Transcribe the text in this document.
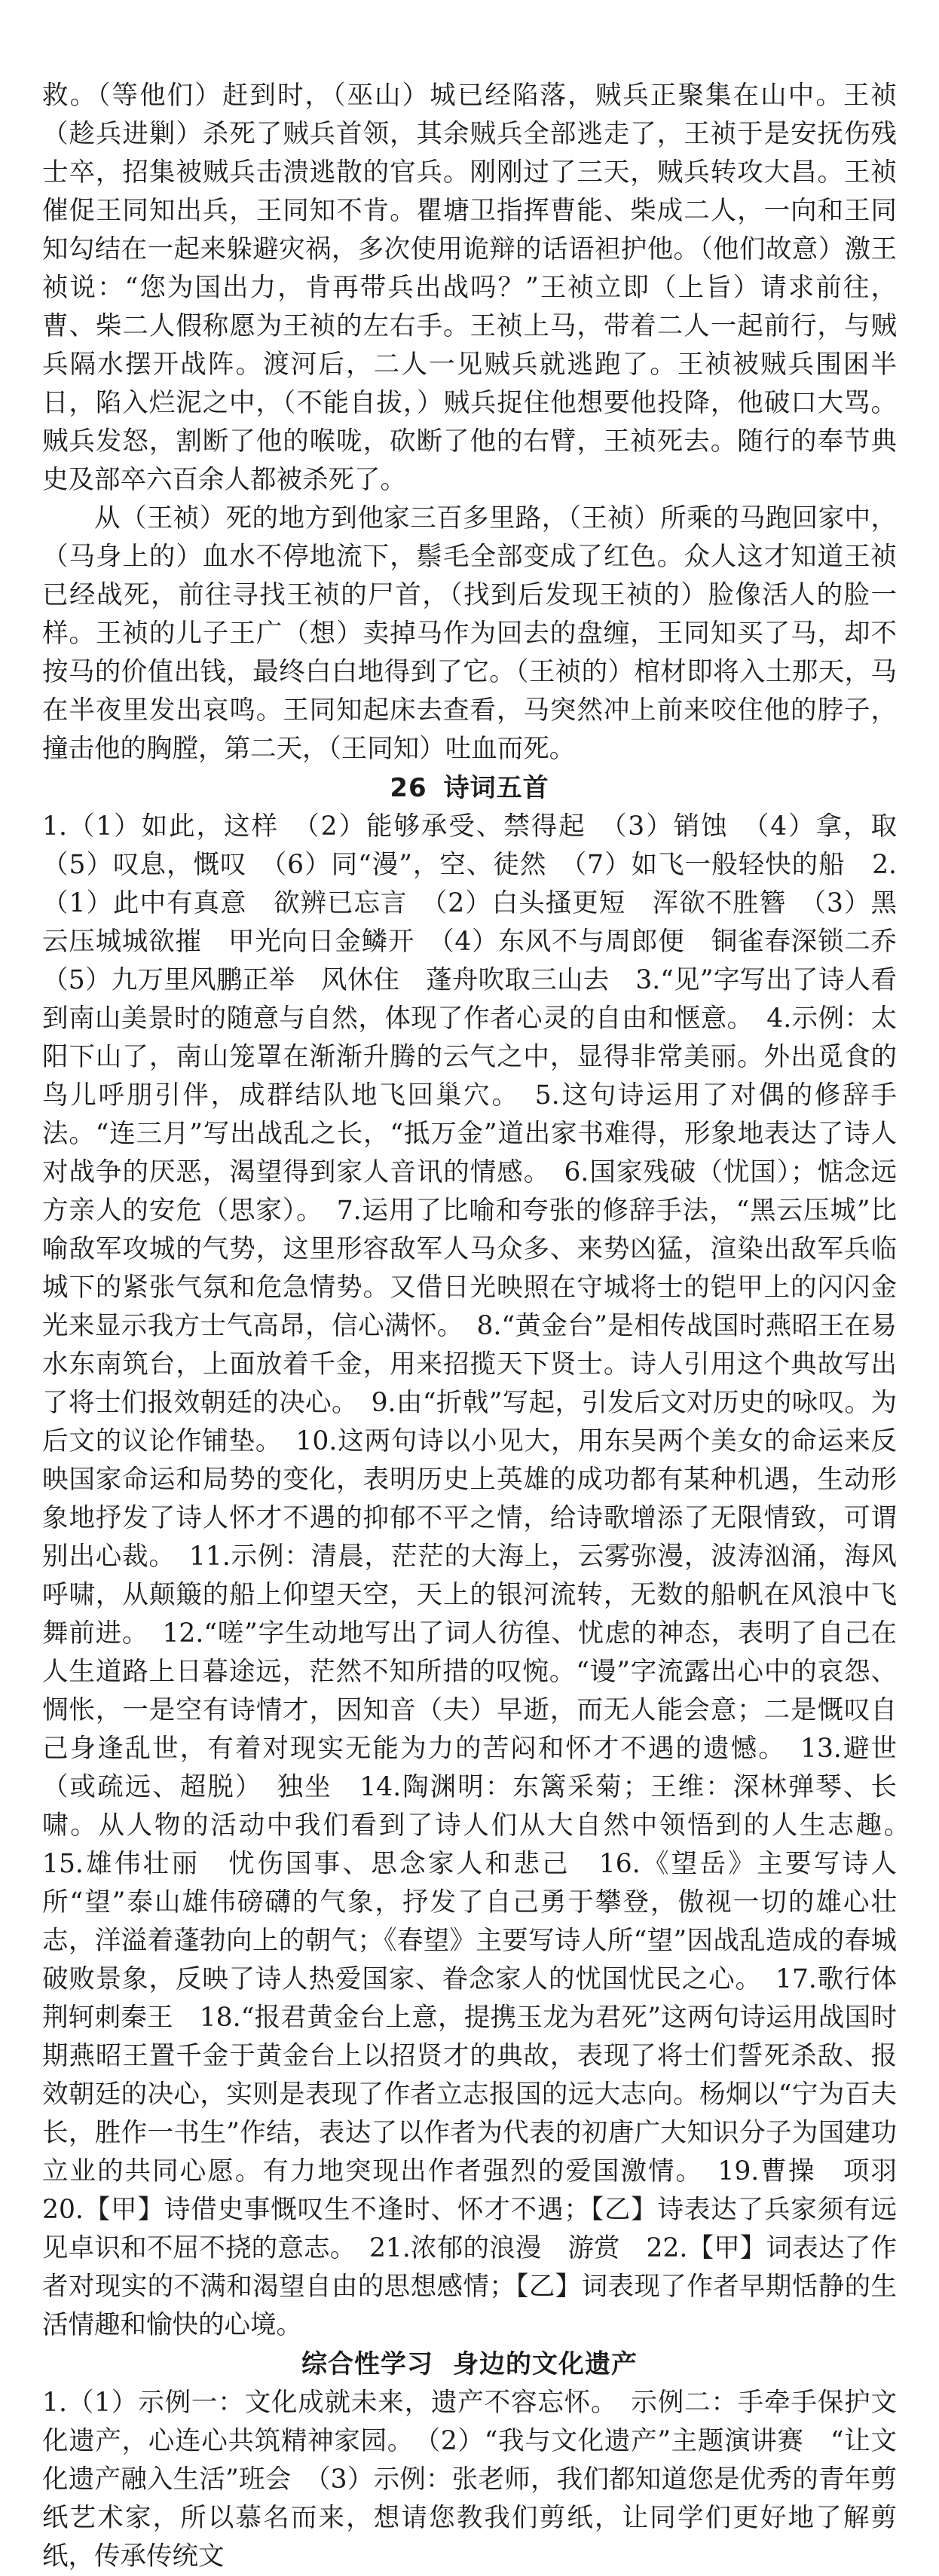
救。（等他们）赶到时，（巫山）城已经陷落，贼兵正聚集在山中。王祯（趁兵进剿）杀死了贼兵首领，其余贼兵全部逃走了，王祯于是安抚伤残士卒，招集被贼兵击溃逃散的官兵。刚刚过了三天，贼兵转攻大昌。王祯催促王同知出兵，王同知不肯。瞿塘卫指挥曹能、柴成二人，一向和王同知勾结在一起来躲避灾祸，多次使用诡辩的话语袒护他。（他们故意）激王祯说：“您为国出力，肯再带兵出战吗？”王祯立即（上旨）请求前往，曹、柴二人假称愿为王祯的左右手。王祯上马，带着二人一起前行，与贼兵隔水摆开战阵。渡河后，二人一见贼兵就逃跑了。王祯被贼兵围困半日，陷入烂泥之中，（不能自拔，）贼兵捉住他想要他投降，他破口大骂。贼兵发怒，割断了他的喉咙，砍断了他的右臂，王祯死去。随行的奉节典史及部卒六百余人都被杀死了。

从（王祯）死的地方到他家三百多里路，（王祯）所乘的马跑回家中，（马身上的）血水不停地流下，鬃毛全部变成了红色。众人这才知道王祯已经战死，前往寻找王祯的尸首，（找到后发现王祯的）脸像活人的脸一样。王祯的儿子王广（想）卖掉马作为回去的盘缠，王同知买了马，却不按马的价值出钱，最终白白地得到了它。（王祯的）棺材即将入土那天，马在半夜里发出哀鸣。王同知起床去查看，马突然冲上前来咬住他的脖子，撞击他的胸膛，第二天，（王同知）吐血而死。

26 诗词五首

1.（1）如此，这样　（2）能够承受、禁得起　（3）销蚀　（4）拿，取　（5）叹息，慨叹　（6）同“漫”，空、徒然　（7）如飞一般轻快的船　2.（1）此中有真意　欲辨已忘言　（2）白头搔更短　浑欲不胜簪　（3）黑云压城城欲摧　甲光向日金鳞开　（4）东风不与周郎便　铜雀春深锁二乔　（5）九万里风鹏正举　风休住　蓬舟吹取三山去　3.“见”字写出了诗人看到南山美景时的随意与自然，体现了作者心灵的自由和惬意。　4.示例：太阳下山了，南山笼罩在渐渐升腾的云气之中，显得非常美丽。外出觅食的鸟儿呼朋引伴，成群结队地飞回巢穴。　5.这句诗运用了对偶的修辞手法。“连三月”写出战乱之长，“抵万金”道出家书难得，形象地表达了诗人对战争的厌恶，渴望得到家人音讯的情感。　6.国家残破（忧国）；惦念远方亲人的安危（思家）。　7.运用了比喻和夸张的修辞手法，“黑云压城”比喻敌军攻城的气势，这里形容敌军人马众多、来势凶猛，渲染出敌军兵临城下的紧张气氛和危急情势。又借日光映照在守城将士的铠甲上的闪闪金光来显示我方士气高昂，信心满怀。　8.“黄金台”是相传战国时燕昭王在易水东南筑台，上面放着千金，用来招揽天下贤士。诗人引用这个典故写出了将士们报效朝廷的决心。　9.由“折戟”写起，引发后文对历史的咏叹。为后文的议论作铺垫。　10.这两句诗以小见大，用东吴两个美女的命运来反映国家命运和局势的变化，表明历史上英雄的成功都有某种机遇，生动形象地抒发了诗人怀才不遇的抑郁不平之情，给诗歌增添了无限情致，可谓别出心裁。　11.示例：清晨，茫茫的大海上，云雾弥漫，波涛汹涌，海风呼啸，从颠簸的船上仰望天空，天上的银河流转，无数的船帆在风浪中飞舞前进。　12.“嗟”字生动地写出了词人彷徨、忧虑的神态，表明了自己在人生道路上日暮途远，茫然不知所措的叹惋。“谩”字流露出心中的哀怨、惆怅，一是空有诗情才，因知音（夫）早逝，而无人能会意；二是慨叹自己身逢乱世，有着对现实无能为力的苦闷和怀才不遇的遗憾。　13.避世（或疏远、超脱）　独坐　14.陶渊明：东篱采菊；王维：深林弹琴、长啸。从人物的活动中我们看到了诗人们从大自然中领悟到的人生志趣。　15.雄伟壮丽　忧伤国事、思念家人和悲己　16.《望岳》主要写诗人所“望”泰山雄伟磅礴的气象，抒发了自己勇于攀登，傲视一切的雄心壮志，洋溢着蓬勃向上的朝气；《春望》主要写诗人所“望”因战乱造成的春城破败景象，反映了诗人热爱国家、眷念家人的忧国忧民之心。　17.歌行体　荆轲刺秦王　18.“报君黄金台上意，提携玉龙为君死”这两句诗运用战国时期燕昭王置千金于黄金台上以招贤才的典故，表现了将士们誓死杀敌、报效朝廷的决心，实则是表现了作者立志报国的远大志向。杨炯以“宁为百夫长，胜作一书生”作结，表达了以作者为代表的初唐广大知识分子为国建功立业的共同心愿。有力地突现出作者强烈的爱国激情。　19.曹操　项羽　20.【甲】诗借史事慨叹生不逢时、怀才不遇；【乙】诗表达了兵家须有远见卓识和不屈不挠的意志。　21.浓郁的浪漫　游赏　22.【甲】词表达了作者对现实的不满和渴望自由的思想感情；【乙】词表现了作者早期恬静的生活情趣和愉快的心境。

综合性学习 身边的文化遗产

1.（1）示例一：文化成就未来，遗产不容忘怀。　示例二：手牵手保护文化遗产，心连心共筑精神家园。　（2）“我与文化遗产”主题演讲赛　“让文化遗产融入生活”班会　（3）示例：张老师，我们都知道您是优秀的青年剪纸艺术家，所以慕名而来，想请您教我们剪纸，让同学们更好地了解剪纸，传承传统文
